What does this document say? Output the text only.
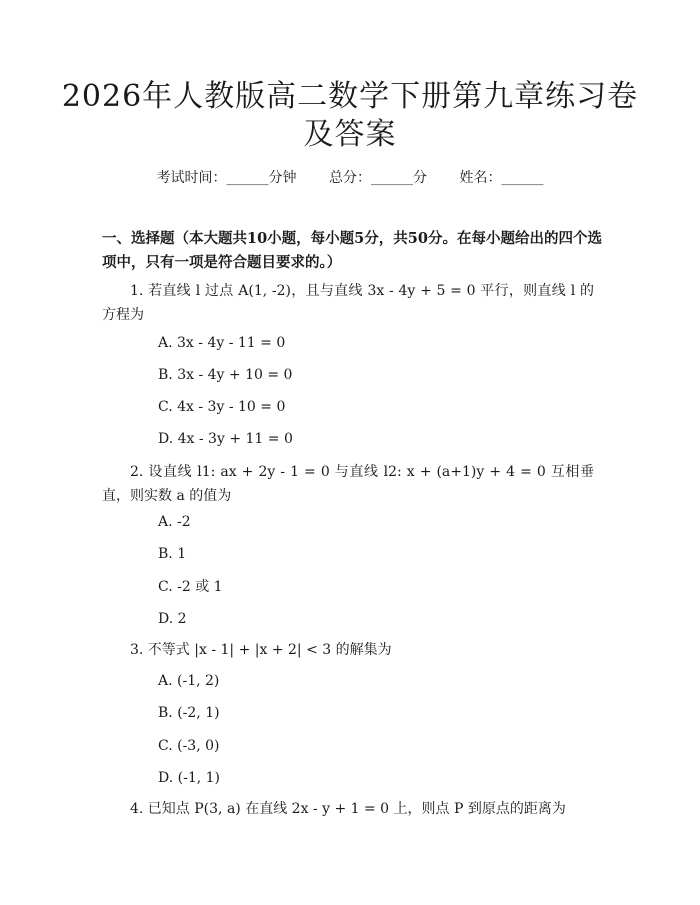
2026年人教版高二数学下册第九章练习卷及答案
考试时间：______分钟 总分：______分 姓名：______
一、选择题（本大题共10小题，每小题5分，共50分。在每小题给出的四个选项中，只有一项是符合题目要求的。）
1. 若直线 l 过点 A(1, -2)，且与直线 3x - 4y + 5 = 0 平行，则直线 l 的方程为
A. 3x - 4y - 11 = 0
B. 3x - 4y + 10 = 0
C. 4x - 3y - 10 = 0
D. 4x - 3y + 11 = 0
2. 设直线 l1: ax + 2y - 1 = 0 与直线 l2: x + (a+1)y + 4 = 0 互相垂直，则实数 a 的值为
A. -2
B. 1
C. -2 或 1
D. 2
3. 不等式 |x - 1| + |x + 2| < 3 的解集为
A. (-1, 2)
B. (-2, 1)
C. (-3, 0)
D. (-1, 1)
4. 已知点 P(3, a) 在直线 2x - y + 1 = 0 上，则点 P 到原点的距离为
